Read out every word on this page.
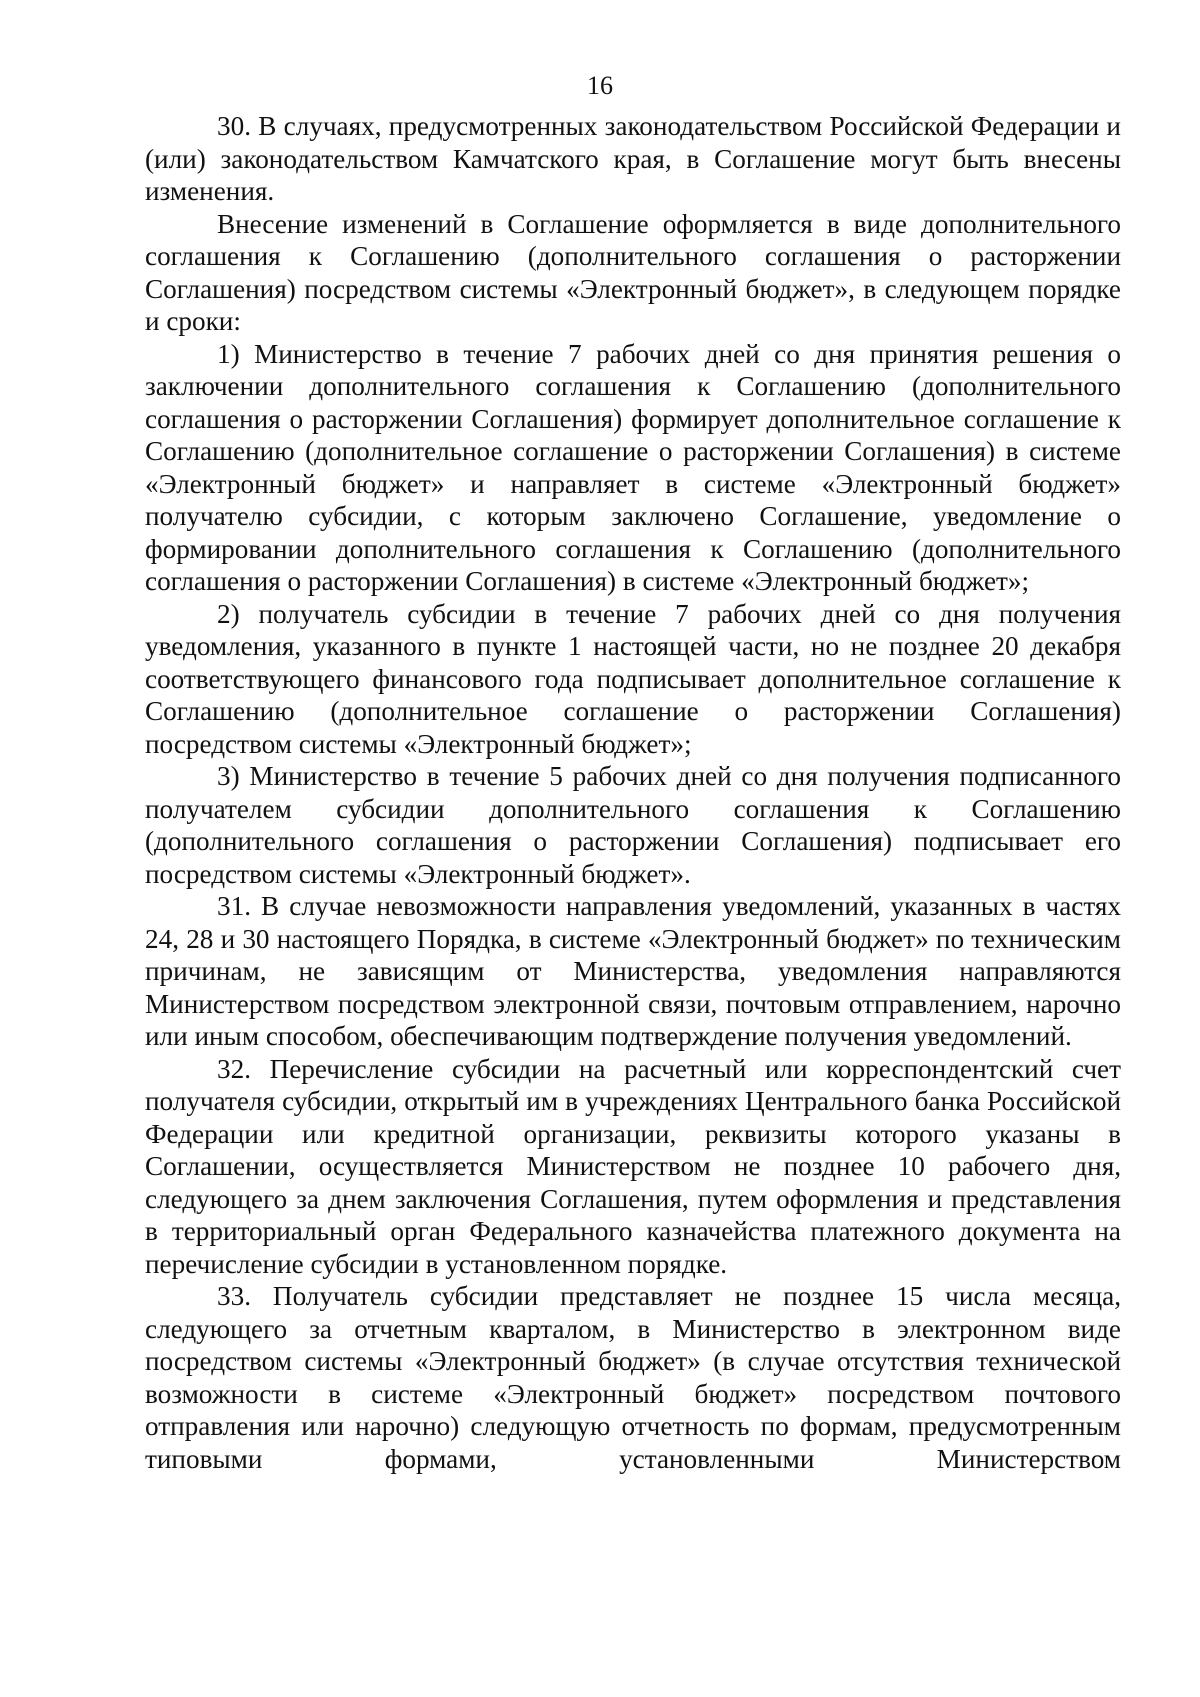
16

30. В случаях, предусмотренных законодательством Российской Федерации и (или) законодательством Камчатского края, в Соглашение могут быть внесены изменения.

Внесение изменений в Соглашение оформляется в виде дополнительного соглашения к Соглашению (дополнительного соглашения о расторжении Соглашения) посредством системы «Электронный бюджет», в следующем порядке и сроки:

1) Министерство в течение 7 рабочих дней со дня принятия решения о заключении дополнительного соглашения к Соглашению (дополнительного соглашения о расторжении Соглашения) формирует дополнительное соглашение к Соглашению (дополнительное соглашение о расторжении Соглашения) в системе «Электронный бюджет» и направляет в системе «Электронный бюджет» получателю субсидии, с которым заключено Соглашение, уведомление о формировании дополнительного соглашения к Соглашению (дополнительного соглашения о расторжении Соглашения) в системе «Электронный бюджет»;

2) получатель субсидии в течение 7 рабочих дней со дня получения уведомления, указанного в пункте 1 настоящей части, но не позднее 20 декабря соответствующего финансового года подписывает дополнительное соглашение к Соглашению (дополнительное соглашение о расторжении Соглашения) посредством системы «Электронный бюджет»;

3) Министерство в течение 5 рабочих дней со дня получения подписанного получателем субсидии дополнительного соглашения к Соглашению (дополнительного соглашения о расторжении Соглашения) подписывает его посредством системы «Электронный бюджет».

31. В случае невозможности направления уведомлений, указанных в частях 24, 28 и 30 настоящего Порядка, в системе «Электронный бюджет» по техническим причинам, не зависящим от Министерства, уведомления направляются Министерством посредством электронной связи, почтовым отправлением, нарочно или иным способом, обеспечивающим подтверждение получения уведомлений.

32. Перечисление субсидии на расчетный или корреспондентский счет получателя субсидии, открытый им в учреждениях Центрального банка Российской Федерации или кредитной организации, реквизиты которого указаны в Соглашении, осуществляется Министерством не позднее 10 рабочего дня, следующего за днем заключения Соглашения, путем оформления и представления в территориальный орган Федерального казначейства платежного документа на перечисление субсидии в установленном порядке.

33. Получатель субсидии представляет не позднее 15 числа месяца, следующего за отчетным кварталом, в Министерство в электронном виде посредством системы «Электронный бюджет» (в случае отсутствия технической возможности в системе «Электронный бюджет» посредством почтового отправления или нарочно) следующую отчетность по формам, предусмотренным типовыми формами, установленными Министерством
